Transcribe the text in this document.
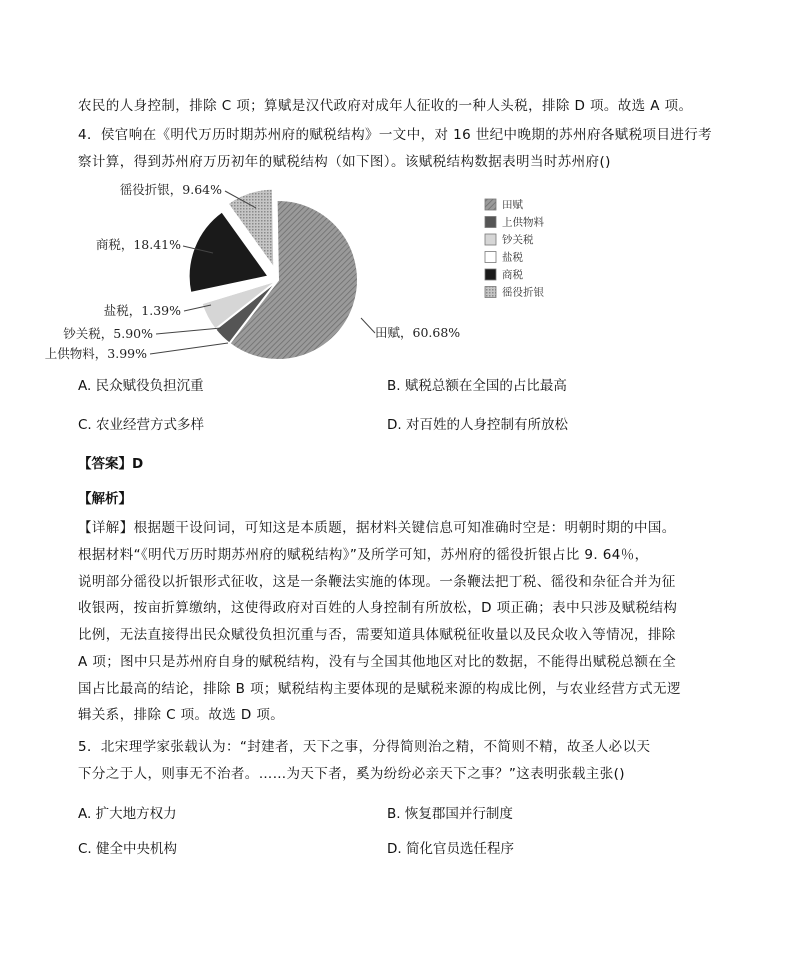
农民的人身控制，排除 C 项；算赋是汉代政府对成年人征收的一种人头税，排除 D 项。故选 A 项。
4．侯官响在《明代万历时期苏州府的赋税结构》一文中，对 16 世纪中晚期的苏州府各赋税项目进行考
察计算，得到苏州府万历初年的赋税结构（如下图）。该赋税结构数据表明当时苏州府()
田赋，60.68%
上供物料，3.99%
钞关税，5.90%
盐税，1.39%
商税，18.41%
徭役折银，9.64%
田赋
上供物料
钞关税
盐税
商税
徭役折银
A. 民众赋役负担沉重	B. 赋税总额在全国的占比最高
C. 农业经营方式多样	D. 对百姓的人身控制有所放松
【答案】D
【解析】
【详解】根据题干设问词，可知这是本质题，据材料关键信息可知准确时空是：明朝时期的中国。
根据材料“《明代万历时期苏州府的赋税结构》”及所学可知，苏州府的徭役折银占比 9. 64％，
说明部分徭役以折银形式征收，这是一条鞭法实施的体现。一条鞭法把丁税、徭役和杂征合并为征
收银两，按亩折算缴纳，这使得政府对百姓的人身控制有所放松，D 项正确；表中只涉及赋税结构
比例，无法直接得出民众赋役负担沉重与否，需要知道具体赋税征收量以及民众收入等情况，排除
A 项；图中只是苏州府自身的赋税结构，没有与全国其他地区对比的数据，不能得出赋税总额在全
国占比最高的结论，排除 B 项；赋税结构主要体现的是赋税来源的构成比例，与农业经营方式无逻
辑关系，排除 C 项。故选 D 项。
5．北宋理学家张载认为：“封建者，天下之事，分得简则治之精，不简则不精，故圣人必以天
下分之于人，则事无不治者。……为天下者，奚为纷纷必亲天下之事？”这表明张载主张()
A. 扩大地方权力	B. 恢复郡国并行制度
C. 健全中央机构	D. 简化官员选任程序
